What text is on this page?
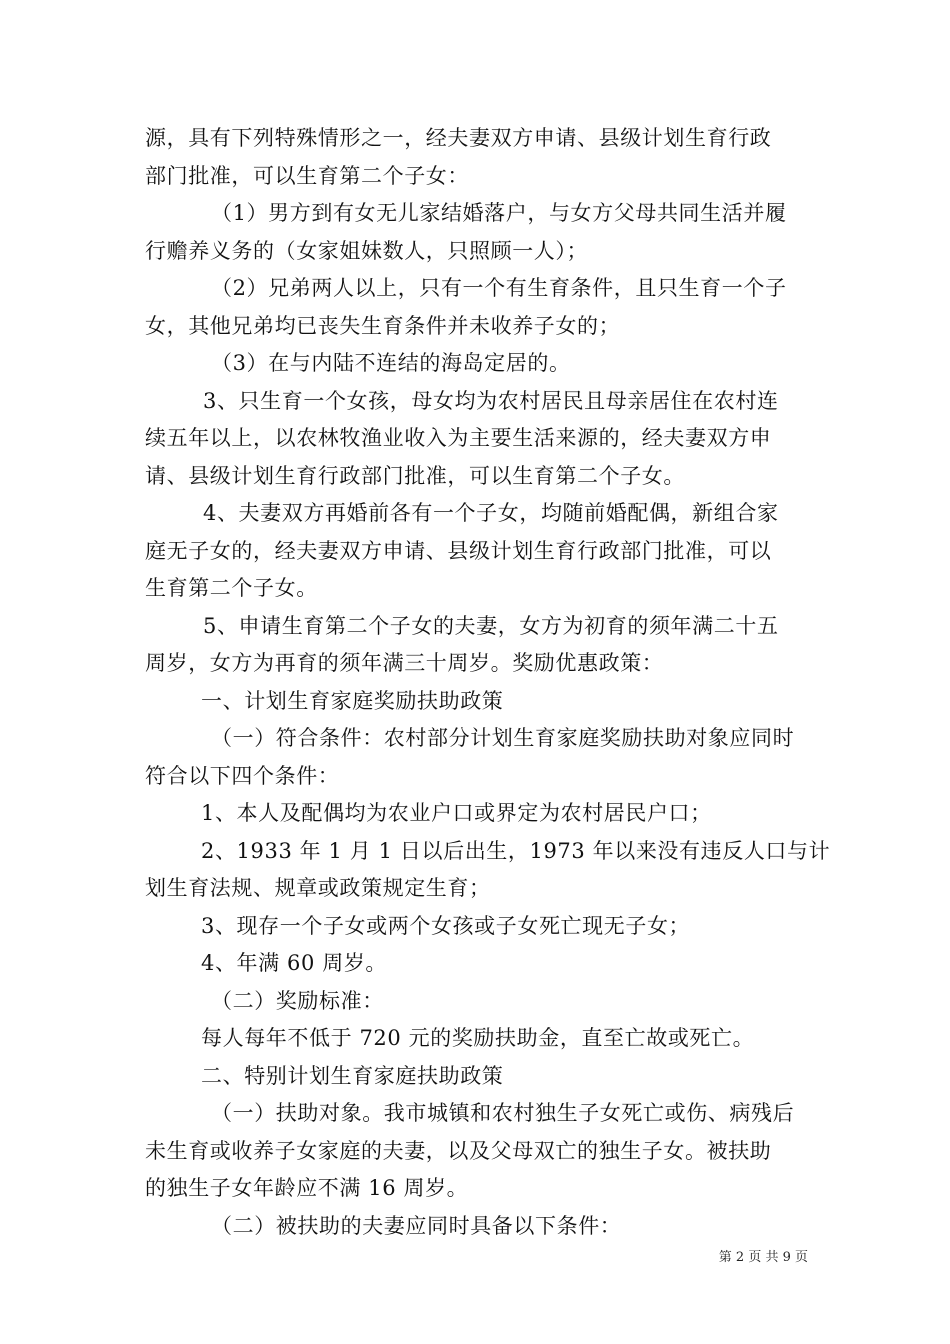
源，具有下列特殊情形之一，经夫妻双方申请、县级计划生育行政
部门批准，可以生育第二个子女：
（1）男方到有女无儿家结婚落户，与女方父母共同生活并履
行赡养义务的（女家姐妹数人，只照顾一人）；
（2）兄弟两人以上，只有一个有生育条件，且只生育一个子
女，其他兄弟均已丧失生育条件并未收养子女的；
（3）在与内陆不连结的海岛定居的。
3、只生育一个女孩，母女均为农村居民且母亲居住在农村连
续五年以上，以农林牧渔业收入为主要生活来源的，经夫妻双方申
请、县级计划生育行政部门批准，可以生育第二个子女。
4、夫妻双方再婚前各有一个子女，均随前婚配偶，新组合家
庭无子女的，经夫妻双方申请、县级计划生育行政部门批准，可以
生育第二个子女。
5、申请生育第二个子女的夫妻，女方为初育的须年满二十五
周岁，女方为再育的须年满三十周岁。奖励优惠政策：
一、计划生育家庭奖励扶助政策
（一）符合条件：农村部分计划生育家庭奖励扶助对象应同时
符合以下四个条件：
1、本人及配偶均为农业户口或界定为农村居民户口；
2、1933 年 1 月 1 日以后出生，1973 年以来没有违反人口与计
划生育法规、规章或政策规定生育；
3、现存一个子女或两个女孩或子女死亡现无子女；
4、年满 60 周岁。
（二）奖励标准：
每人每年不低于 720 元的奖励扶助金，直至亡故或死亡。
二、特别计划生育家庭扶助政策
（一）扶助对象。我市城镇和农村独生子女死亡或伤、病残后
未生育或收养子女家庭的夫妻，以及父母双亡的独生子女。被扶助
的独生子女年龄应不满 16 周岁。
（二）被扶助的夫妻应同时具备以下条件：
第 2 页 共 9 页
